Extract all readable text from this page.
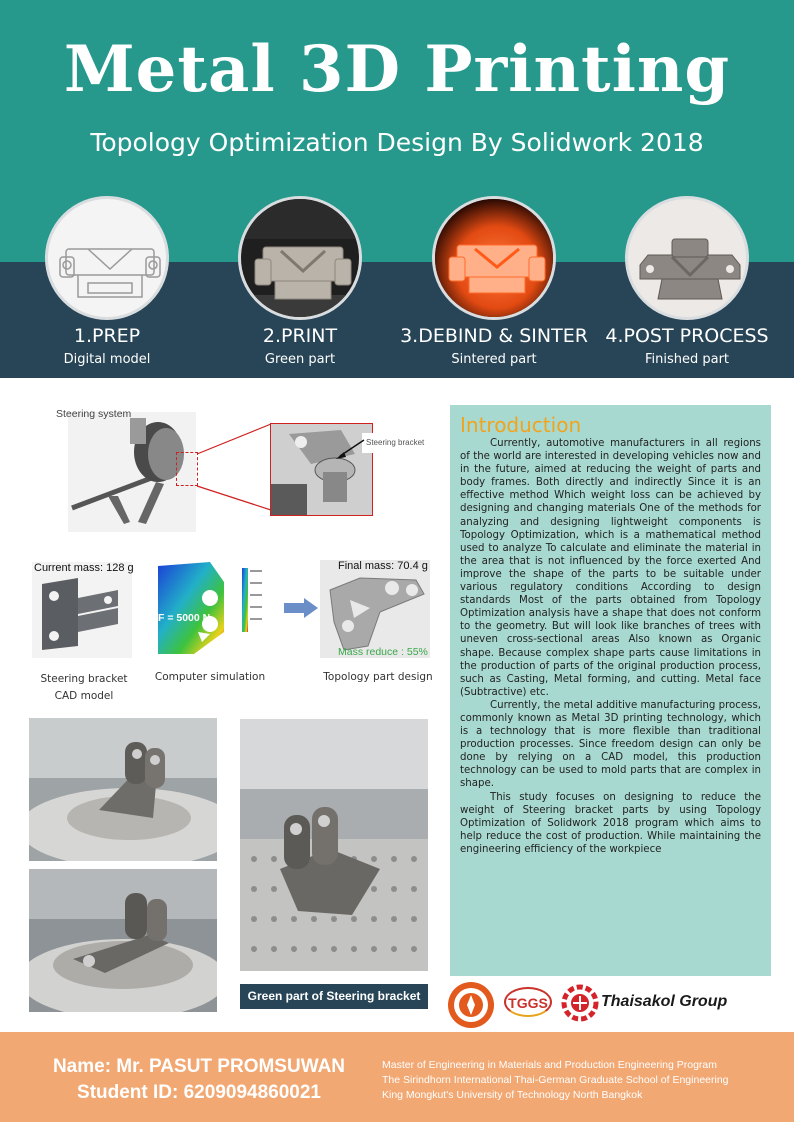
Metal 3D Printing
Topology Optimization Design By Solidwork 2018
1.PREP
Digital model
2.PRINT
Green part
3.DEBIND & SINTER
Sintered part
4.POST PROCESS
Finished part
Steering system
Steering bracket
Current mass: 128 g
F = 5000 N
Final mass: 70.4 g
Mass reduce : 55%
Steering bracket CAD model
Computer simulation	Topology part design
Green part of Steering bracket
Introduction

Currently, automotive manufacturers in all regions of the world are interested in developing vehicles now and in the future, aimed at reducing the weight of parts and body frames. Both directly and indirectly Since it is an effective method Which weight loss can be achieved by designing and changing materials One of the methods for analyzing and designing lightweight components is Topology Optimization, which is a mathematical method used to analyze To calculate and eliminate the material in the area that is not influenced by the force exerted And improve the shape of the parts to be suitable under various regulatory conditions According to design standards Most of the parts obtained from Topology Optimization analysis have a shape that does not conform to the geometry. But will look like branches of trees with uneven cross-sectional areas Also known as Organic shape. Because complex shape parts cause limitations in the production of parts of the original production process, such as Casting, Metal forming, and cutting. Metal face (Subtractive) etc.

Currently, the metal additive manufacturing process, commonly known as Metal 3D printing technology, which is a technology that is more flexible than traditional production processes. Since freedom design can only be done by relying on a CAD model, this production technology can be used to mold parts that are complex in shape.

This study focuses on designing to reduce the weight of Steering bracket parts by using Topology Optimization of Solidwork 2018 program which aims to help reduce the cost of production. While maintaining the engineering efficiency of the workpiece

TGGS	Thaisakol Group
Name: Mr. PASUT PROMSUWAN
Student ID: 6209094860021
Master of Engineering in Materials and Production Engineering Program
The Sirindhorn International Thai-German Graduate School of Engineering
King Mongkut's University of Technology North Bangkok
